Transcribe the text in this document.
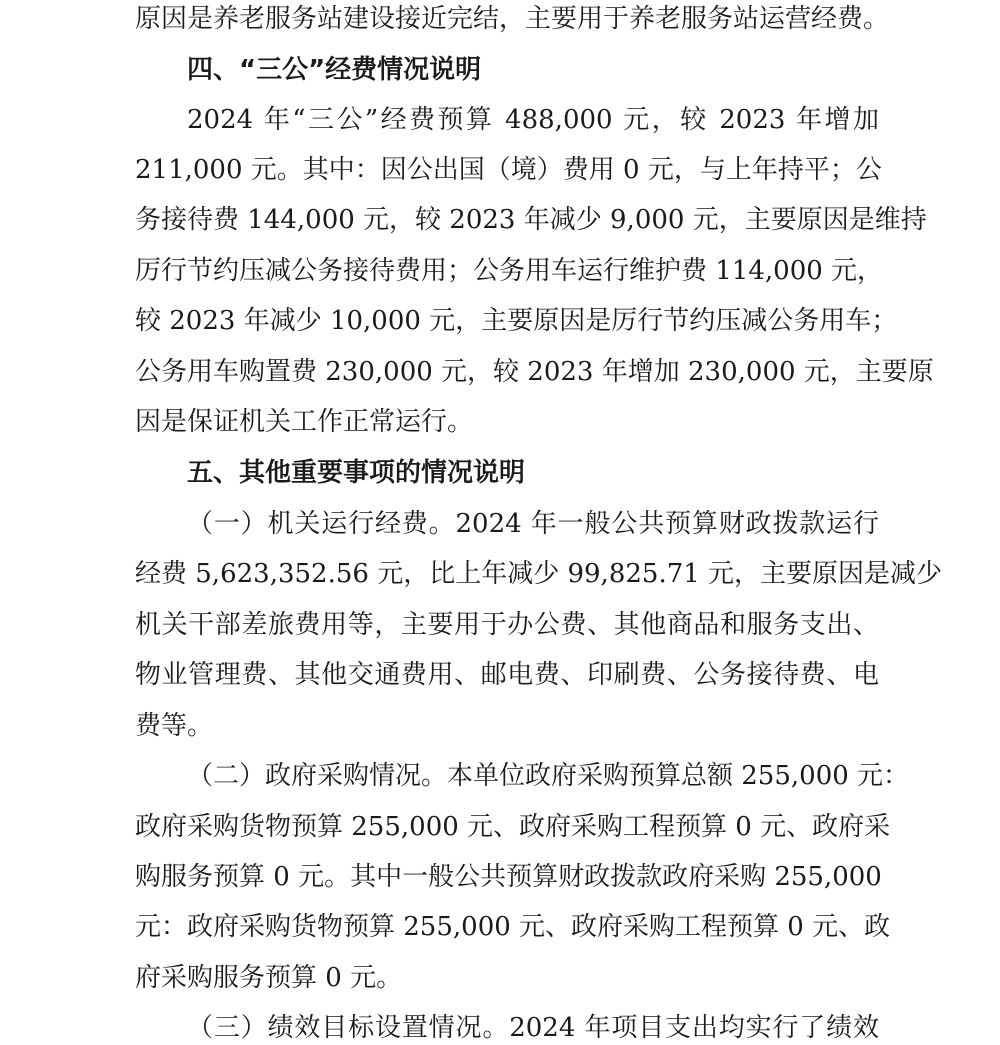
原因是养老服务站建设接近完结，主要用于养老服务站运营经费。
四、“三公”经费情况说明
2024 年“三公”经费预算 488,000 元，较 2023 年增加
211,000 元。其中：因公出国（境）费用 0 元，与上年持平；公
务接待费 144,000 元，较 2023 年减少 9,000 元，主要原因是维持
厉行节约压减公务接待费用；公务用车运行维护费 114,000 元，
较 2023 年减少 10,000 元，主要原因是厉行节约压减公务用车；
公务用车购置费 230,000 元，较 2023 年增加 230,000 元，主要原
因是保证机关工作正常运行。
五、其他重要事项的情况说明
（一）机关运行经费。2024 年一般公共预算财政拨款运行
经费 5,623,352.56 元，比上年减少 99,825.71 元，主要原因是减少
机关干部差旅费用等，主要用于办公费、其他商品和服务支出、
物业管理费、其他交通费用、邮电费、印刷费、公务接待费、电
费等。
（二）政府采购情况。本单位政府采购预算总额 255,000 元：
政府采购货物预算 255,000 元、政府采购工程预算 0 元、政府采
购服务预算 0 元。其中一般公共预算财政拨款政府采购 255,000
元：政府采购货物预算 255,000 元、政府采购工程预算 0 元、政
府采购服务预算 0 元。
（三）绩效目标设置情况。2024 年项目支出均实行了绩效
